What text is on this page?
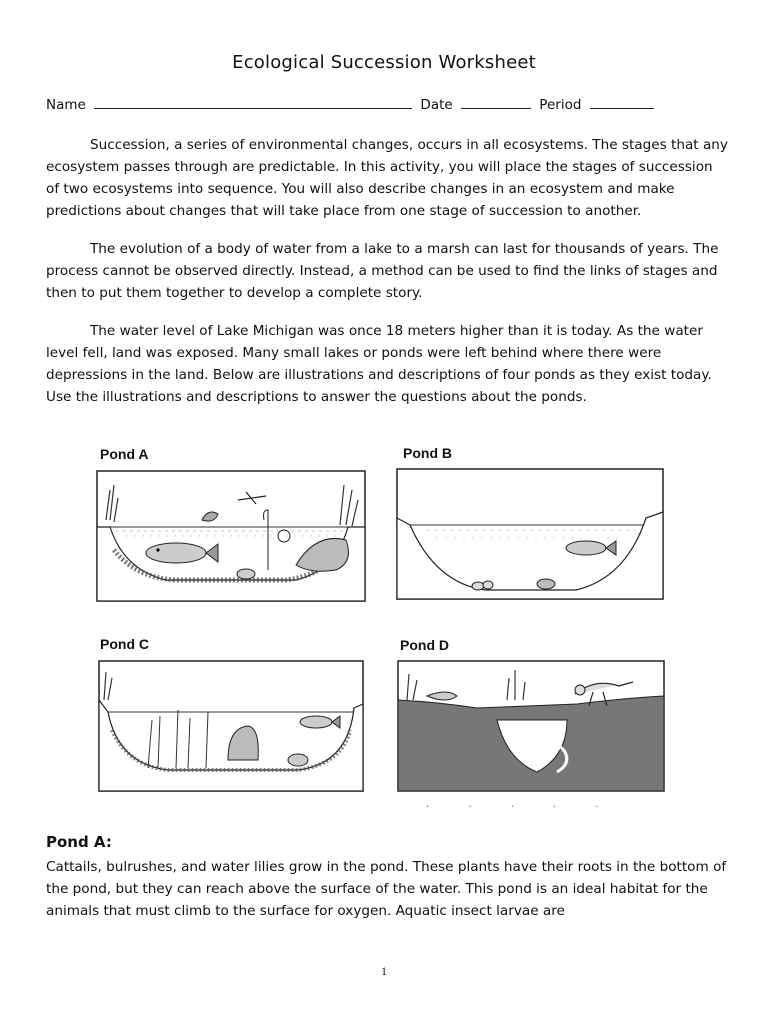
Ecological Succession Worksheet
Name	Date	Period

Succession, a series of environmental changes, occurs in all ecosystems. The stages that any ecosystem passes through are predictable. In this activity, you will place the stages of succession of two ecosystems into sequence. You will also describe changes in an ecosystem and make predictions about changes that will take place from one stage of succession to another.

The evolution of a body of water from a lake to a marsh can last for thousands of years. The process cannot be observed directly. Instead, a method can be used to find the links of stages and then to put them together to develop a complete story.

The water level of Lake Michigan was once 18 meters higher than it is today. As the water level fell, land was exposed. Many small lakes or ponds were left behind where there were depressions in the land. Below are illustrations and descriptions of four ponds as they exist today. Use the illustrations and descriptions to answer the questions about the ponds.

Pond A	Pond B
Pond C	Pond D
· · · · ·
Pond A:

Cattails, bulrushes, and water lilies grow in the pond. These plants have their roots in the bottom of the pond, but they can reach above the surface of the water. This pond is an ideal habitat for the animals that must climb to the surface for oxygen. Aquatic insect larvae are

1
